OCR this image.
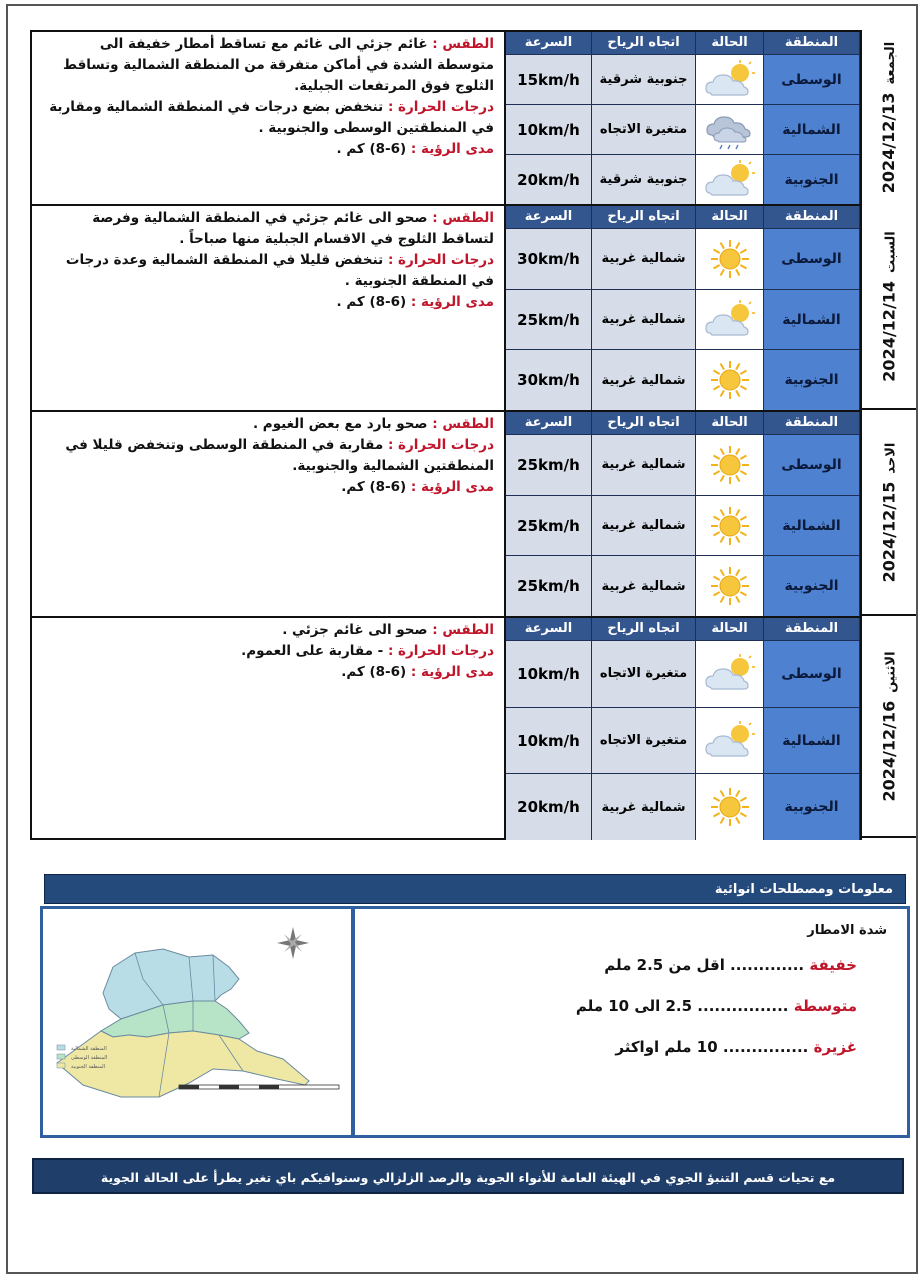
الطقس : غائم جزئي الى غائم مع تساقط أمطار خفيفة الى متوسطة الشدة في أماكن متفرقة من المنطقة الشمالية وتساقط الثلوج فوق المرتفعات الجبلية.
درجات الحرارة : تنخفض بضع درجات في المنطقة الشمالية ومقاربة في المنطقتين الوسطى والجنوبية .
مدى الرؤية : (6-8) كم .
السرعة	اتجاه الرياح	الحالة	المنطقة
15km/h	جنوبية شرقية	الوسطى
10km/h	متغيرة الاتجاه	الشمالية
20km/h	جنوبية شرقية	الجنوبية
الطقس : صحو الى غائم جزئي في المنطقة الشمالية وفرصة لتساقط الثلوج في الاقسام الجبلية منها صباحاً .
درجات الحرارة : تنخفض قليلا في المنطقة الشمالية وعدة درجات في المنطقة الجنوبية .
مدى الرؤية : (6-8) كم .
السرعة	اتجاه الرياح	الحالة	المنطقة
30km/h	شمالية غربية	الوسطى
25km/h	شمالية غربية	الشمالية
30km/h	شمالية غربية	الجنوبية
الطقس : صحو بارد مع بعض الغيوم .
درجات الحرارة : مقاربة في المنطقة الوسطى وتنخفض قليلا في المنطقتين الشمالية والجنوبية.
مدى الرؤية : (6-8) كم.
السرعة	اتجاه الرياح	الحالة	المنطقة
25km/h	شمالية غربية	الوسطى
25km/h	شمالية غربية	الشمالية
25km/h	شمالية غربية	الجنوبية
الطقس : صحو الى غائم جزئي .
درجات الحرارة : - مقاربة على العموم.
مدى الرؤية : (6-8) كم.
السرعة	اتجاه الرياح	الحالة	المنطقة
10km/h	متغيرة الاتجاه	الوسطى
10km/h	متغيرة الاتجاه	الشمالية
20km/h	شمالية غربية	الجنوبية
2024/12/13الجمعة
2024/12/14السبت
2024/12/15الاحد
2024/12/16الاثنين
معلومات ومصطلحات انوائية
المنطقة الشمالية
المنطقة الوسطى
المنطقة الجنوبية
شدة الامطار
خفيفة ............. اقل من 2.5 ملم
متوسطة ................ 2.5 الى 10 ملم
غزيرة ............... 10 ملم اواكثر
مع تحيات قسم التنبؤ الجوي في الهيئة العامة للأنواء الجوية والرصد الزلزالي وسنوافيكم باي تغير يطرأ على الحالة الجوية
